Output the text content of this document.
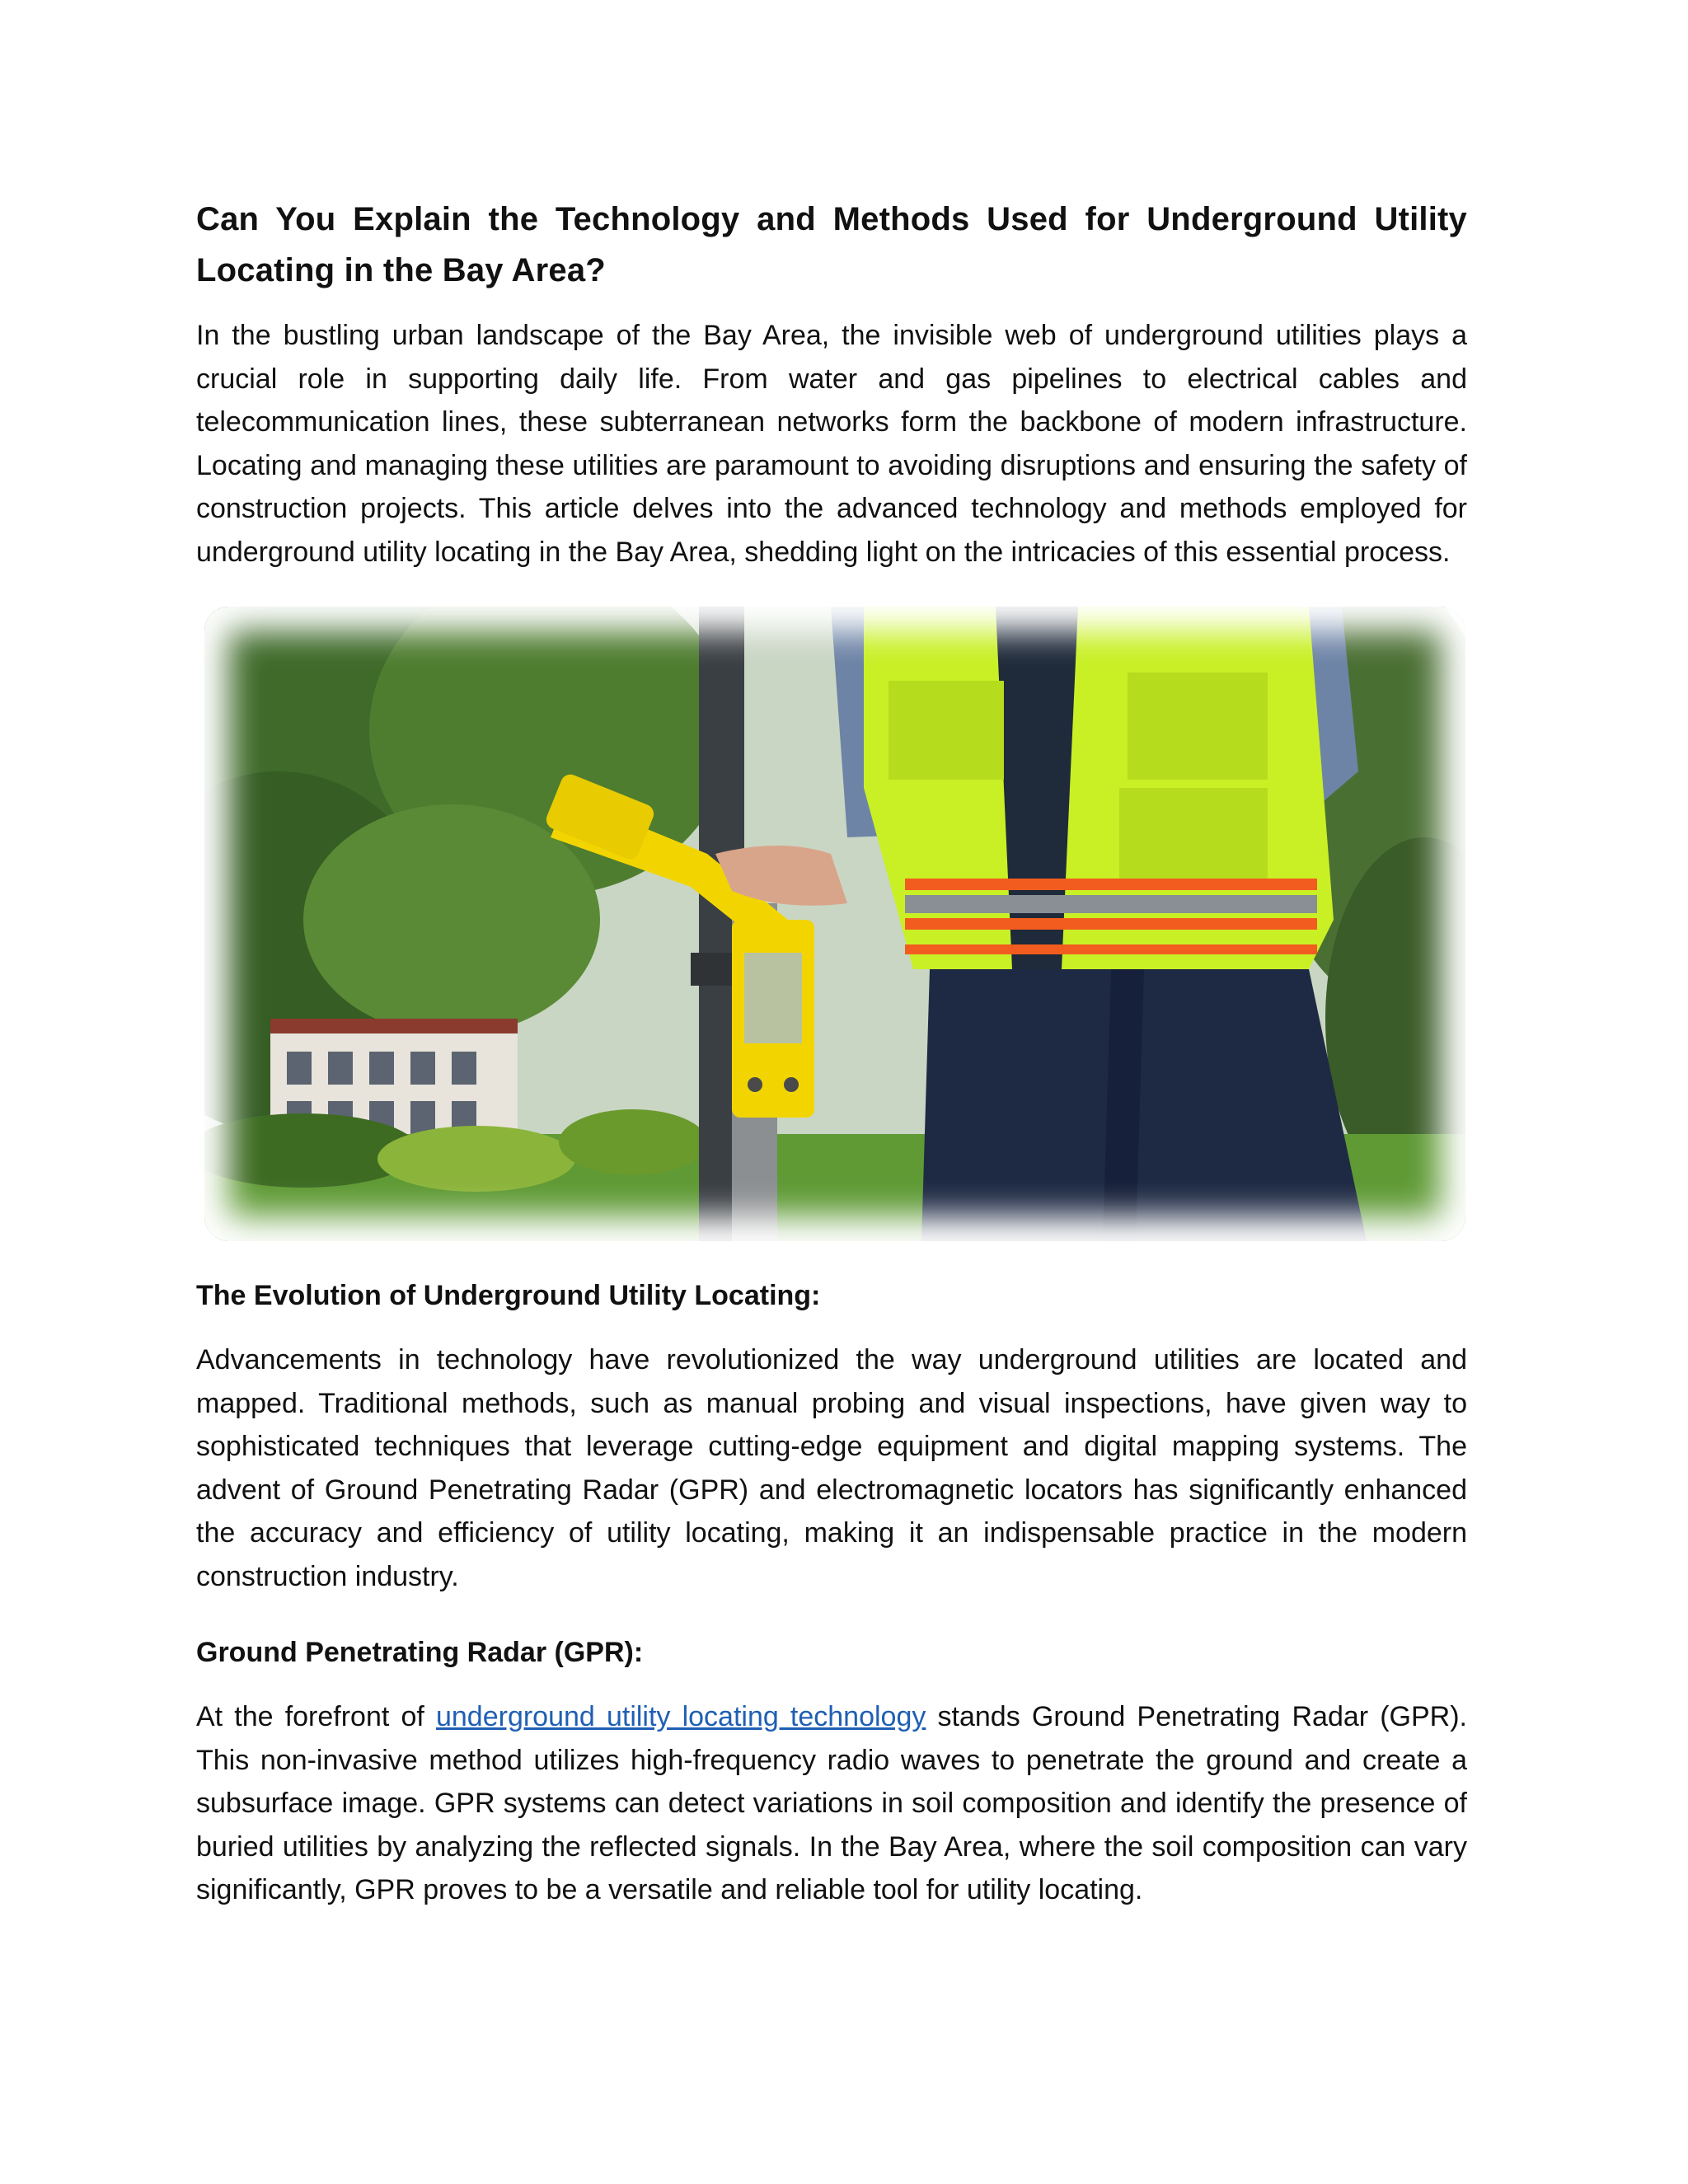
Can You Explain the Technology and Methods Used for Underground Utility Locating in the Bay Area?

In the bustling urban landscape of the Bay Area, the invisible web of underground utilities plays a crucial role in supporting daily life. From water and gas pipelines to electrical cables and telecommunication lines, these subterranean networks form the backbone of modern infrastructure. Locating and managing these utilities are paramount to avoiding disruptions and ensuring the safety of construction projects. This article delves into the advanced technology and methods employed for underground utility locating in the Bay Area, shedding light on the intricacies of this essential process.

The Evolution of Underground Utility Locating:

Advancements in technology have revolutionized the way underground utilities are located and mapped. Traditional methods, such as manual probing and visual inspections, have given way to sophisticated techniques that leverage cutting-edge equipment and digital mapping systems. The advent of Ground Penetrating Radar (GPR) and electromagnetic locators has significantly enhanced the accuracy and efficiency of utility locating, making it an indispensable practice in the modern construction industry.

Ground Penetrating Radar (GPR):

At the forefront of underground utility locating technology stands Ground Penetrating Radar (GPR). This non-invasive method utilizes high-frequency radio waves to penetrate the ground and create a subsurface image. GPR systems can detect variations in soil composition and identify the presence of buried utilities by analyzing the reflected signals. In the Bay Area, where the soil composition can vary significantly, GPR proves to be a versatile and reliable tool for utility locating.
